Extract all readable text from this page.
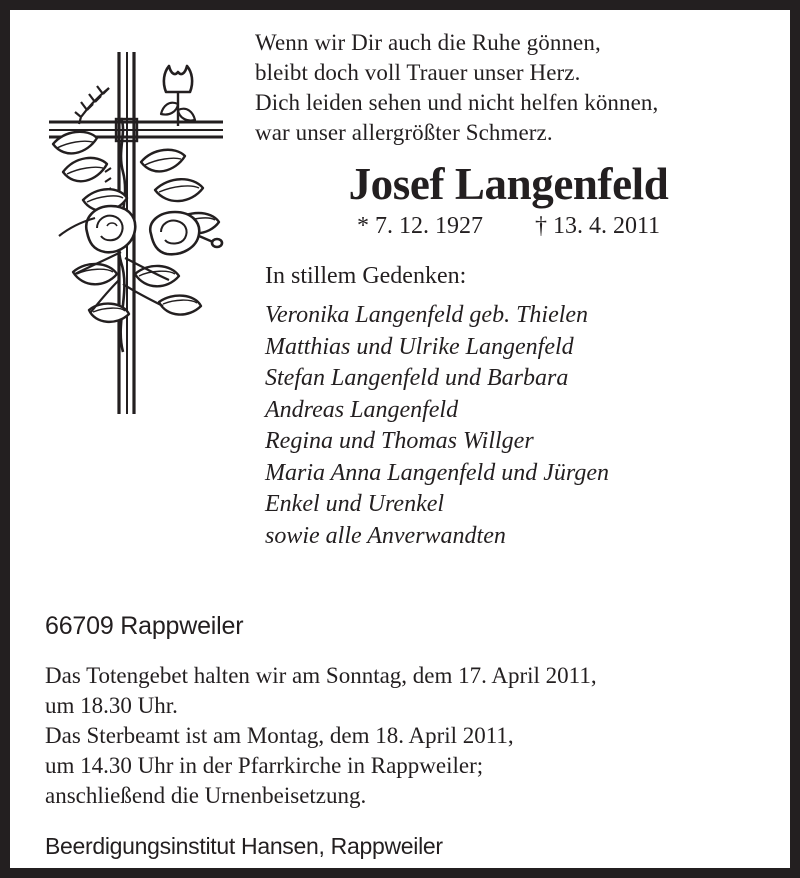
Wenn wir Dir auch die Ruhe gönnen,
bleibt doch voll Trauer unser Herz.
Dich leiden sehen und nicht helfen können,
war unser allergrößter Schmerz.
Josef Langenfeld
* 7. 12. 1927 † 13. 4. 2011
In stillem Gedenken:
Veronika Langenfeld geb. Thielen
Matthias und Ulrike Langenfeld
Stefan Langenfeld und Barbara
Andreas Langenfeld
Regina und Thomas Willger
Maria Anna Langenfeld und Jürgen
Enkel und Urenkel
sowie alle Anverwandten
66709 Rappweiler
Das Totengebet halten wir am Sonntag, dem 17. April 2011,
um 18.30 Uhr.
Das Sterbeamt ist am Montag, dem 18. April 2011,
um 14.30 Uhr in der Pfarrkirche in Rappweiler;
anschließend die Urnenbeisetzung.
Beerdigungsinstitut Hansen, Rappweiler
